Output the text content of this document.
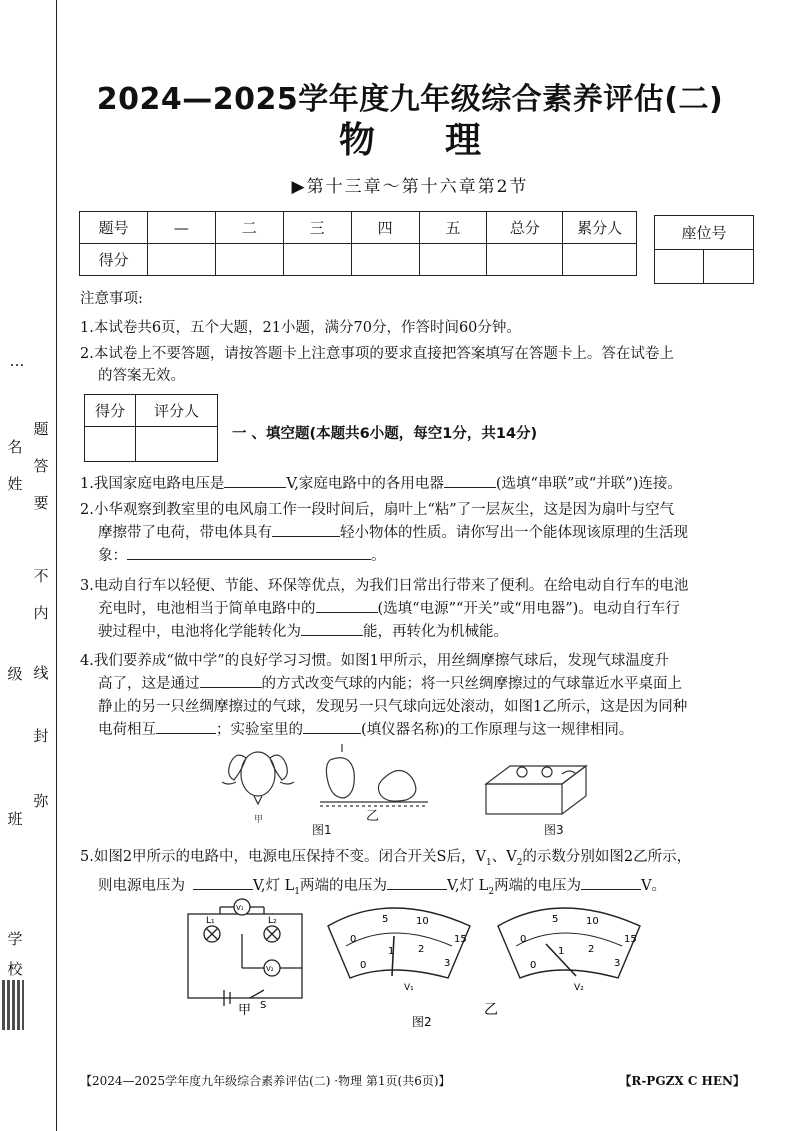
…
题
答
要
不
内
线
封
弥
名
姓
级
班
学
校
2024—2025学年度九年级综合素养评估(二)
物理
▶第十三章～第十六章第2节
题号	—	二	三	四	五	总分	累分人
得分							
座位号

注意事项:
1.本试卷共6页，五个大题，21小题，满分70分，作答时间60分钟。
2.本试卷上不要答题，请按答题卡上注意事项的要求直接把答案填写在答题卡上。答在试卷上
的答案无效。
得分	评分人

一 、填空题(本题共6小题，每空1分，共14分)
1.我国家庭电路电压是	V,家庭电路中的各用电器	(选填“串联”或“并联”)连接。
2.小华观察到教室里的电风扇工作一段时间后，扇叶上“粘”了一层灰尘，这是因为扇叶与空气
摩擦带了电荷，带电体具有	轻小物体的性质。请你写出一个能体现该原理的生活现
象：	。
3.电动自行车以轻便、节能、环保等优点，为我们日常出行带来了便利。在给电动自行车的电池
充电时，电池相当于简单电路中的	(选填“电源”“开关”或“用电器”)。电动自行车行
驶过程中，电池将化学能转化为	能，再转化为机械能。
4.我们要养成“做中学”的良好学习习惯。如图1甲所示，用丝绸摩擦气球后，发现气球温度升
高了，这是通过	的方式改变气球的内能；将一只丝绸摩擦过的气球靠近水平桌面上
静止的另一只丝绸摩擦过的气球，发现另一只气球向远处滚动，如图1乙所示，这是因为同种
电荷相互	；实验室里的	(填仪器名称)的工作原理与这一规律相同。
甲	乙
图1	图3
5.如图2甲所示的电路中，电源电压保持不变。闭合开关S后，$V_1$、$V_2$的示数分别如图2乙所示，
则电源电压为	V,灯 $L_1$两端的电压为	V,灯 $L_2$两端的电压为	V。
L₁	L₂
V₁
V₂
S
甲
5	10
15
0
0
1 2
3
V₁
5	10
15
0
0
1 2
3
V₂
乙
图2
【2024—2025学年度九年级综合素养评估(二) ·物理 第1页(共6页)】	【R-PGZX C HEN】
